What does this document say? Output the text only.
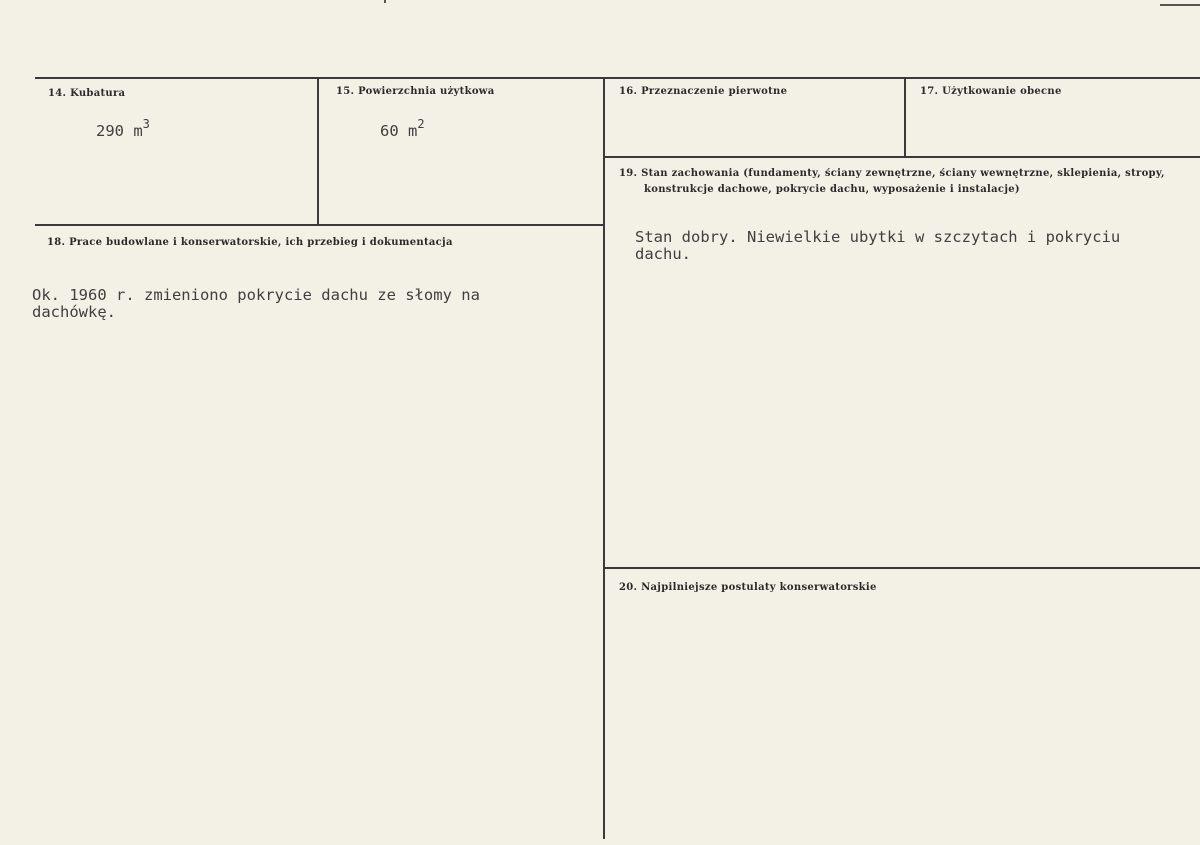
14. Kubatura
290 $m^3$
15. Powierzchnia użytkowa
60 $m^2$
16. Przeznaczenie pierwotne	17. Użytkowanie obecne
18. Prace budowlane i konserwatorskie, ich przebieg i dokumentacja
Ok. 1960 r. zmieniono pokrycie dachu ze słomy na
dachówkę.
19. Stan zachowania (fundamenty, ściany zewnętrzne, ściany wewnętrzne, sklepienia, stropy,
konstrukcje dachowe, pokrycie dachu, wyposażenie i instalacje)
Stan dobry. Niewielkie ubytki w szczytach i pokryciu
dachu.
20. Najpilniejsze postulaty konserwatorskie
